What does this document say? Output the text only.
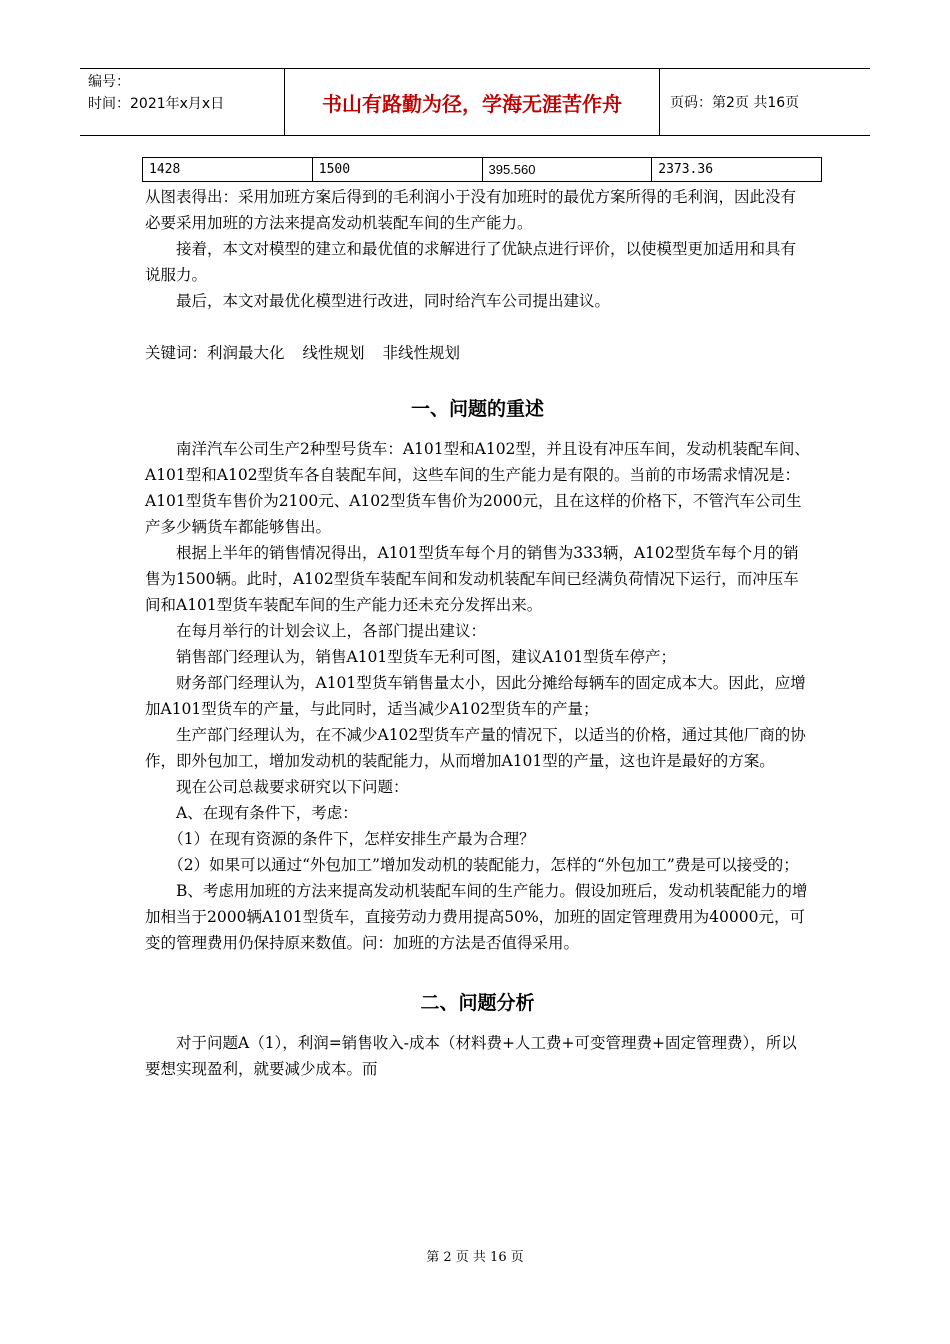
编号：
时间：2021年x月x日	书山有路勤为径，学海无涯苦作舟	页码：第2页 共16页
1428	1500	395.560	2373.36

从图表得出：采用加班方案后得到的毛利润小于没有加班时的最优方案所得的毛利润，因此没有必要采用加班的方法来提高发动机装配车间的生产能力。

接着，本文对模型的建立和最优值的求解进行了优缺点进行评价，以使模型更加适用和具有说服力。

最后，本文对最优化模型进行改进，同时给汽车公司提出建议。

关键词：利润最大化 线性规划 非线性规划

一、问题的重述

南洋汽车公司生产2种型号货车：A101型和A102型，并且设有冲压车间，发动机装配车间、A101型和A102型货车各自装配车间，这些车间的生产能力是有限的。当前的市场需求情况是：A101型货车售价为2100元、A102型货车售价为2000元，且在这样的价格下，不管汽车公司生产多少辆货车都能够售出。

根据上半年的销售情况得出，A101型货车每个月的销售为333辆，A102型货车每个月的销售为1500辆。此时，A102型货车装配车间和发动机装配车间已经满负荷情况下运行，而冲压车间和A101型货车装配车间的生产能力还未充分发挥出来。

在每月举行的计划会议上，各部门提出建议：

销售部门经理认为，销售A101型货车无利可图，建议A101型货车停产；

财务部门经理认为，A101型货车销售量太小，因此分摊给每辆车的固定成本大。因此，应增加A101型货车的产量，与此同时，适当减少A102型货车的产量；

生产部门经理认为，在不减少A102型货车产量的情况下，以适当的价格，通过其他厂商的协作，即外包加工，增加发动机的装配能力，从而增加A101型的产量，这也许是最好的方案。

现在公司总裁要求研究以下问题：

A、在现有条件下，考虑：

（1）在现有资源的条件下，怎样安排生产最为合理？

（2）如果可以通过“外包加工”增加发动机的装配能力，怎样的“外包加工”费是可以接受的；

B、考虑用加班的方法来提高发动机装配车间的生产能力。假设加班后，发动机装配能力的增加相当于2000辆A101型货车，直接劳动力费用提高50%，加班的固定管理费用为40000元，可变的管理费用仍保持原来数值。问：加班的方法是否值得采用。

二、问题分析

对于问题A（1），利润=销售收入-成本（材料费+人工费+可变管理费+固定管理费），所以要想实现盈利，就要减少成本。而

第 2 页 共 16 页
